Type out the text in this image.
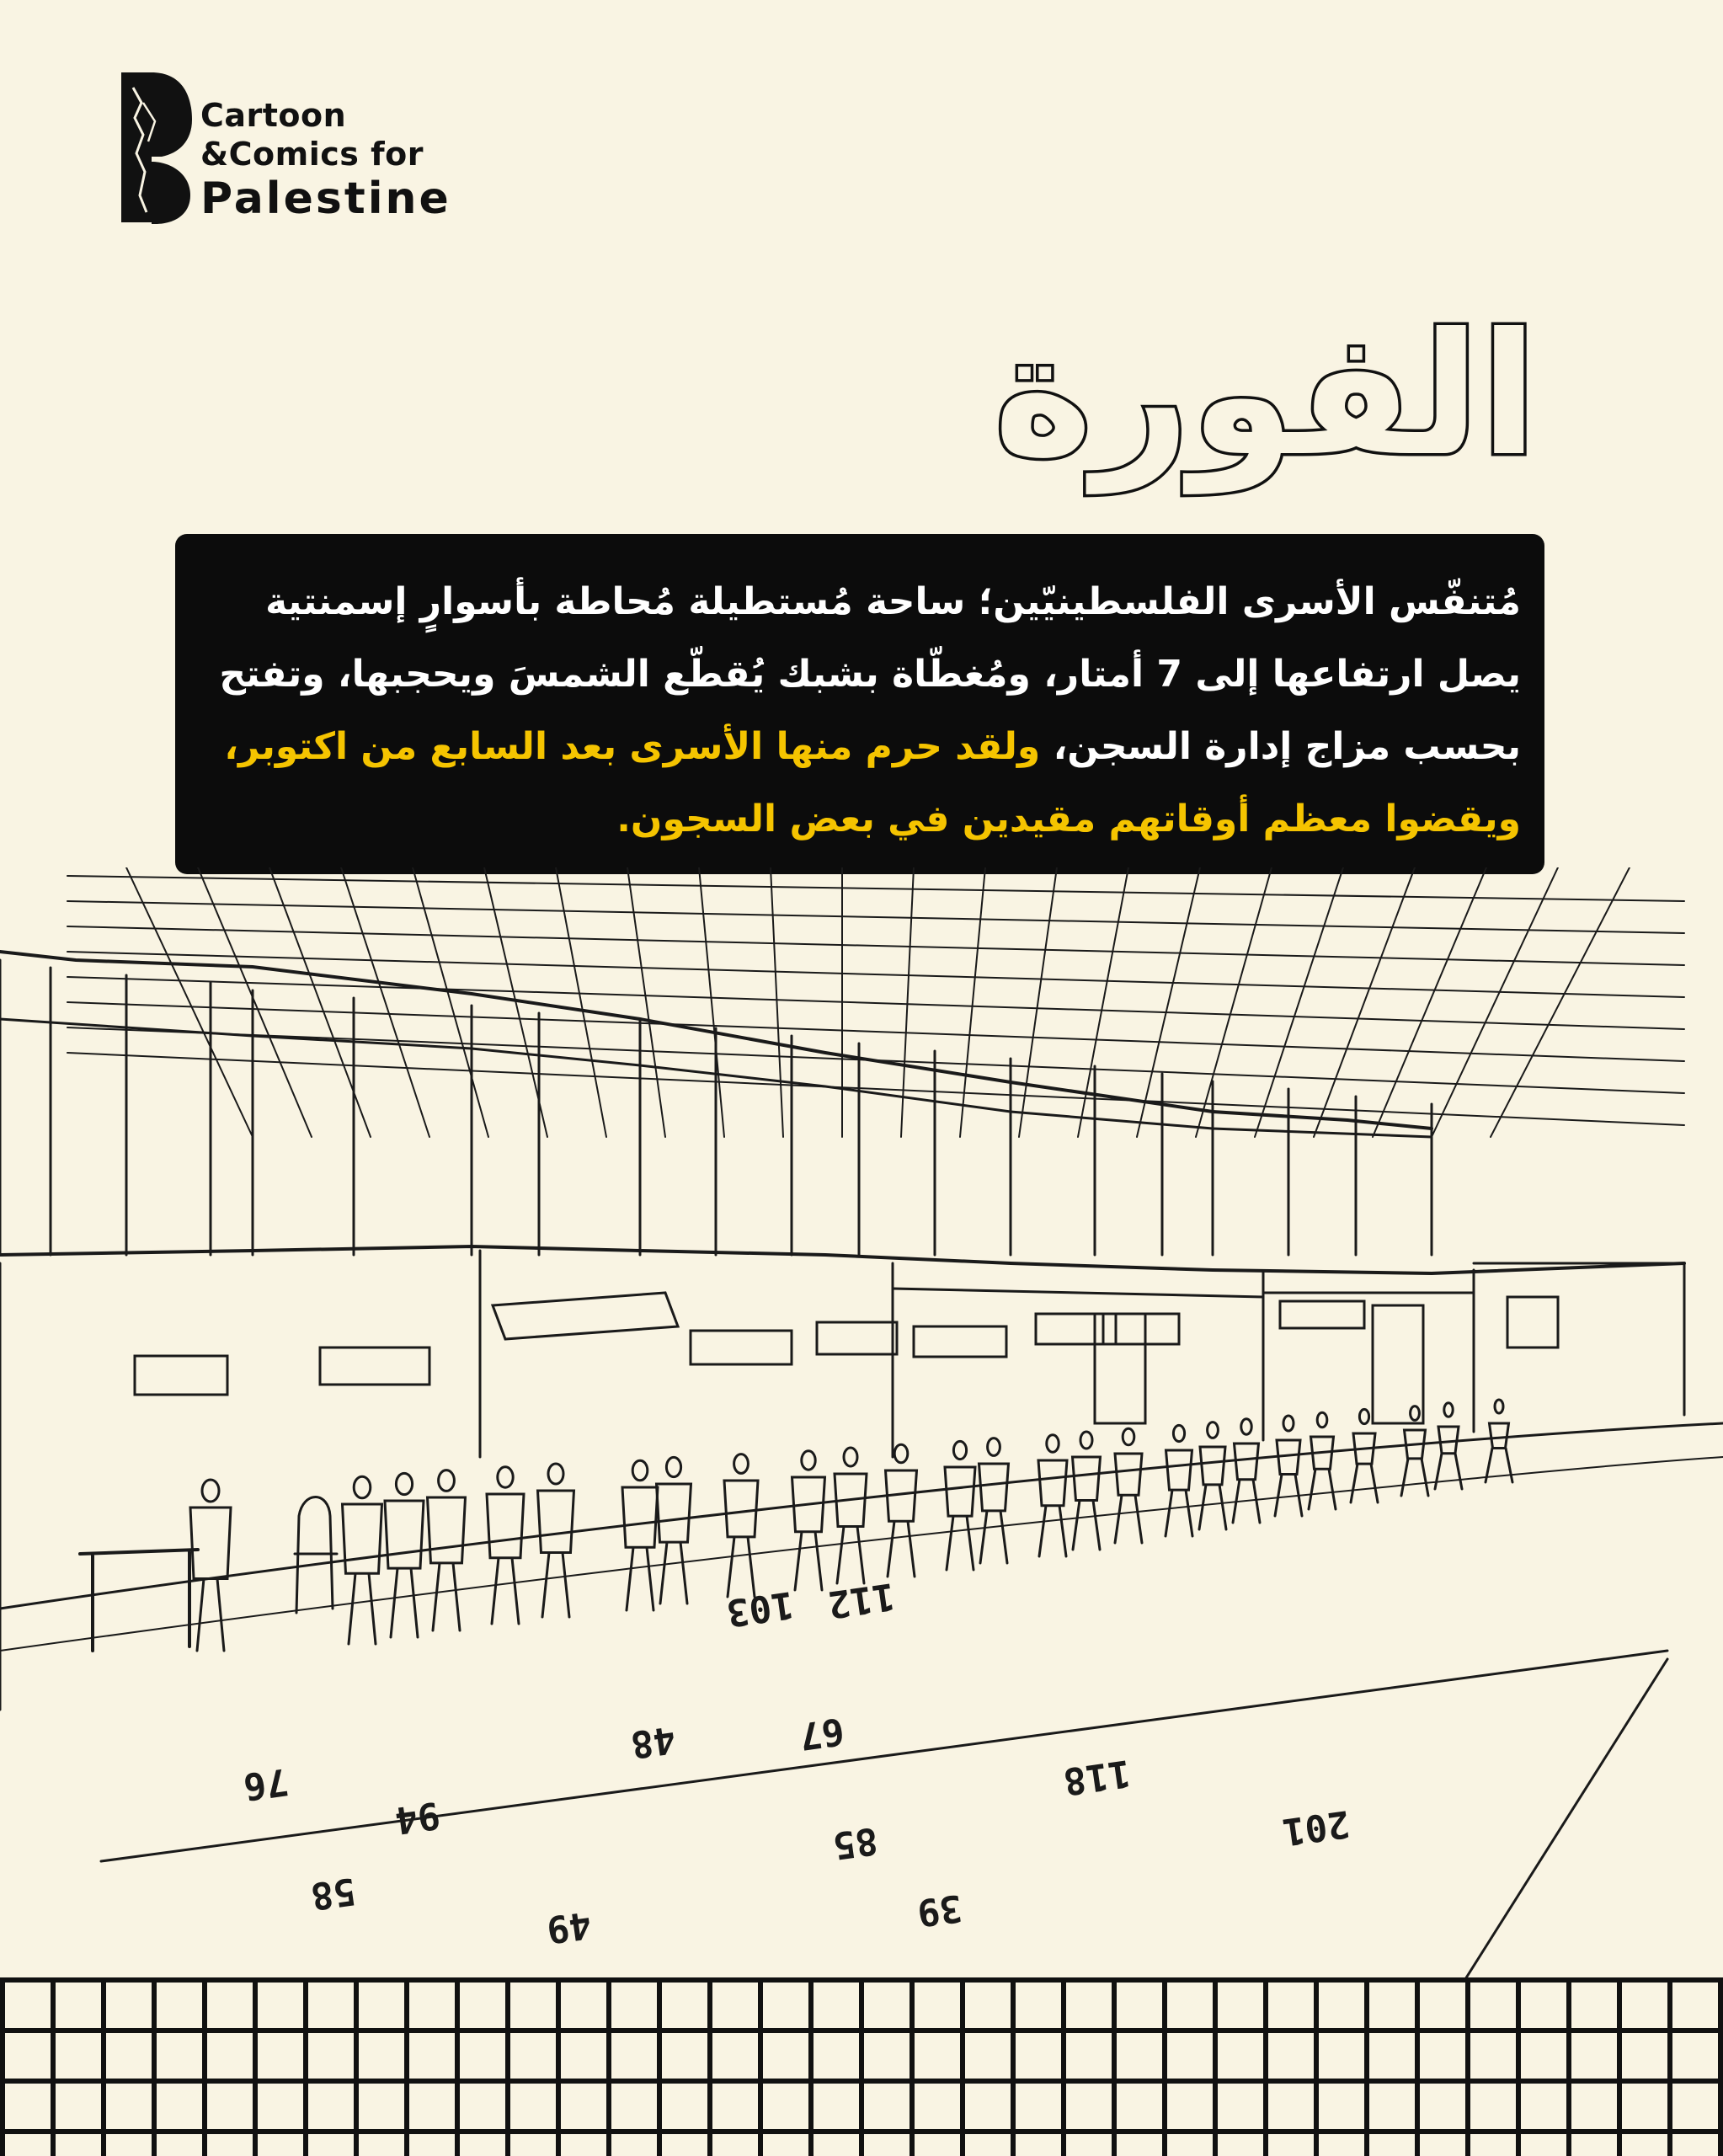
Cartoon
&Comics for
Palestine
الفورة
مُتنفّس الأسرى الفلسطينيّين؛ ساحة مُستطيلة مُحاطة بأسوارٍ إسمنتية يصل ارتفاعها إلى 7 أمتار، ومُغطّاة بشبك يُقطّع الشمسَ ويحجبها، وتفتح بحسب مزاج إدارة السجن، ولقد حرم منها الأسرى بعد السابع من اكتوبر، ويقضوا معظم أوقاتهم مقيدين في بعض السجون.
103 112
48	67
76
94
85
39
58
49
201
118
